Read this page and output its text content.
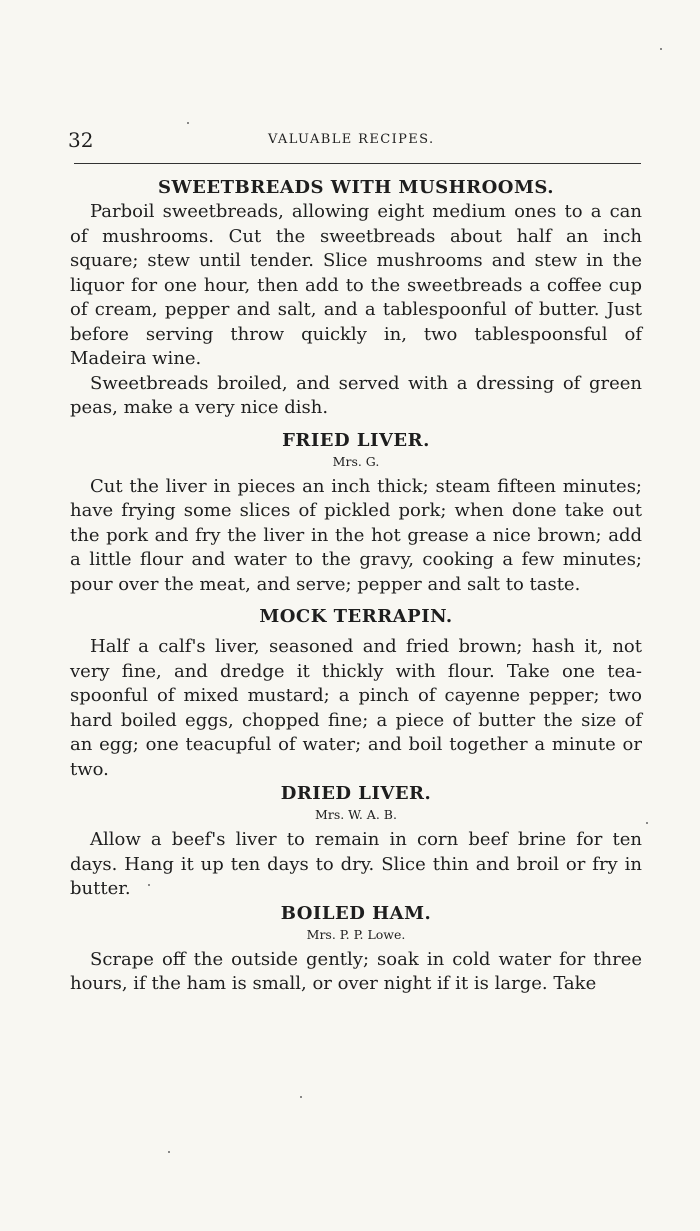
32	VALUABLE RECIPES.
SWEETBREADS WITH MUSHROOMS.

Parboil sweetbreads, allowing eight medium ones to a can of mushrooms. Cut the sweetbreads about half an inch square; stew until tender. Slice mushrooms and stew in the liquor for one hour, then add to the sweetbreads a coffee cup of cream, pepper and salt, and a tablespoonful of butter. Just before serving throw quickly in, two tablespoonsful of Madeira wine.

Sweetbreads broiled, and served with a dressing of green peas, make a very nice dish.

FRIED LIVER.

Mrs. G.

Cut the liver in pieces an inch thick; steam fifteen minutes; have frying some slices of pickled pork; when done take out the pork and fry the liver in the hot grease a nice brown; add a little flour and water to the gravy, cooking a few minutes; pour over the meat, and serve; pepper and salt to taste.

MOCK TERRAPIN.

Half a calf's liver, seasoned and fried brown; hash it, not very fine, and dredge it thickly with flour. Take one tea-spoonful of mixed mustard; a pinch of cayenne pepper; two hard boiled eggs, chopped fine; a piece of butter the size of an egg; one teacupful of water; and boil together a minute or two.

DRIED LIVER.

Mrs. W. A. B.

Allow a beef's liver to remain in corn beef brine for ten days. Hang it up ten days to dry. Slice thin and broil or fry in butter.

BOILED HAM.

Mrs. P. P. Lowe.

Scrape off the outside gently; soak in cold water for three hours, if the ham is small, or over night if it is large. Take
